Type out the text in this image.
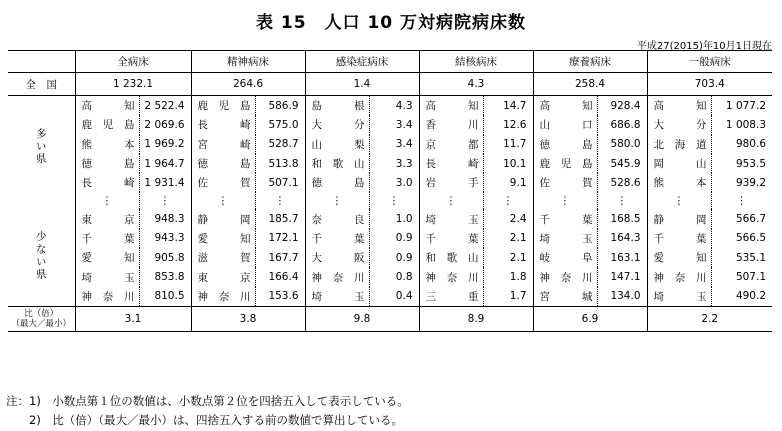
表 15　人口 10 万対病院病床数
平成27(2015)年10月1日現在
	全病床		精神病床		感染症病床		結核病床		療養病床		一般病床	
全　国	1 232.1		264.6		1.4		4.3		258.4		703.4	
多い県	高　　知	2 522.4	鹿 児 島	586.9	島　　根	4.3	高　　知	14.7	高　　知	928.4	高　　知	1 077.2
	鹿 児 島	2 069.6	長　　崎	575.0	大　　分	3.4	香　　川	12.6	山　　口	686.8	大　　分	1 008.3
	熊　　本	1 969.2	宮　　崎	528.7	山　　梨	3.4	京　　都	11.7	徳　　島	580.0	北 海 道	980.6
	徳　　島	1 964.7	徳　　島	513.8	和 歌 山	3.3	長　　崎	10.1	鹿 児 島	545.9	岡　　山	953.5
	長　　崎	1 931.4	佐　　賀	507.1	徳　　島	3.0	岩　　手	9.1	佐　　賀	528.6	熊　　本	939.2
	⋮	⋮	⋮	⋮	⋮	⋮	⋮	⋮	⋮	⋮	⋮	⋮
少ない県	東　　京	948.3	静　　岡	185.7	奈　　良	1.0	埼　　玉	2.4	千　　葉	168.5	静　　岡	566.7
	千　　葉	943.3	愛　　知	172.1	千　　葉	0.9	千　　葉	2.1	埼　　玉	164.3	千　　葉	566.5
	愛　　知	905.8	滋　　賀	167.7	大　　阪	0.9	和 歌 山	2.1	岐　　阜	163.1	愛　　知	535.1
	埼　　玉	853.8	東　　京	166.4	神 奈 川	0.8	神 奈 川	1.8	神 奈 川	147.1	神 奈 川	507.1
	神 奈 川	810.5	神 奈 川	153.6	埼　　玉	0.4	三　　重	1.7	宮　　城	134.0	埼　　玉	490.2

比（倍）
（最大／最小）	3.1		3.8		9.8		8.9		6.9		2.2	
注：1)　小数点第１位の数値は、小数点第２位を四捨五入して表示している。
　　2)　比（倍）（最大／最小）は、四捨五入する前の数値で算出している。
